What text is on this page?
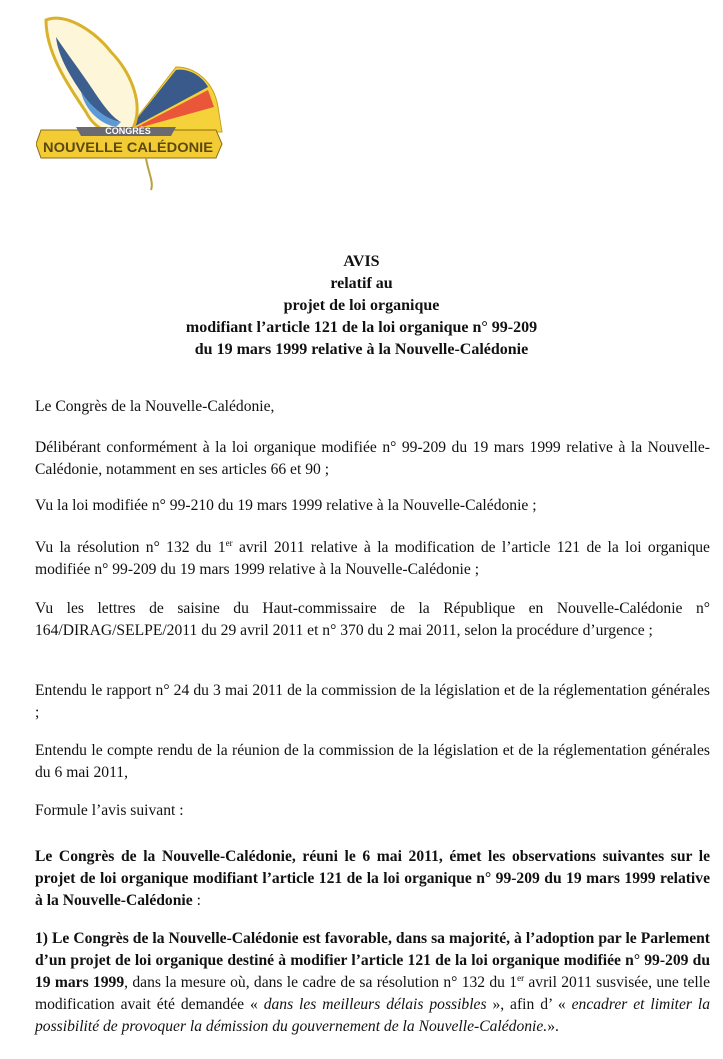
CONGRÈS
NOUVELLE CALÉDONIE
AVIS
relatif au
projet de loi organique
modifiant l’article 121 de la loi organique n° 99-209
du 19 mars 1999 relative à la Nouvelle-Calédonie
Le Congrès de la Nouvelle-Calédonie,
Délibérant conformément à la loi organique modifiée n° 99-209 du 19 mars 1999 relative à la Nouvelle-Calédonie, notamment en ses articles 66 et 90 ;
Vu la loi modifiée n° 99-210 du 19 mars 1999 relative à la Nouvelle-Calédonie ;
Vu la résolution n° 132 du 1er avril 2011 relative à la modification de l’article 121 de la loi organique modifiée n° 99-209 du 19 mars 1999 relative à la Nouvelle-Calédonie ;
Vu les lettres de saisine du Haut-commissaire de la République en Nouvelle-Calédonie n° 164/DIRAG/SELPE/2011 du 29 avril 2011 et n° 370 du 2 mai 2011, selon la procédure d’urgence ;
Entendu le rapport n° 24 du 3 mai 2011 de la commission de la législation et de la réglementation générales ;
Entendu le compte rendu de la réunion de la commission de la législation et de la réglementation générales du 6 mai 2011,
Formule l’avis suivant :
Le Congrès de la Nouvelle-Calédonie, réuni le 6 mai 2011, émet les observations suivantes sur le projet de loi organique modifiant l’article 121 de la loi organique n° 99-209 du 19 mars 1999 relative à la Nouvelle-Calédonie :
1) Le Congrès de la Nouvelle-Calédonie est favorable, dans sa majorité, à l’adoption par le Parlement d’un projet de loi organique destiné à modifier l’article 121 de la loi organique modifiée n° 99-209 du 19 mars 1999, dans la mesure où, dans le cadre de sa résolution n° 132 du 1er avril 2011 susvisée, une telle modification avait été demandée « dans les meilleurs délais possibles », afin d’ « encadrer et limiter la possibilité de provoquer la démission du gouvernement de la Nouvelle-Calédonie.».
